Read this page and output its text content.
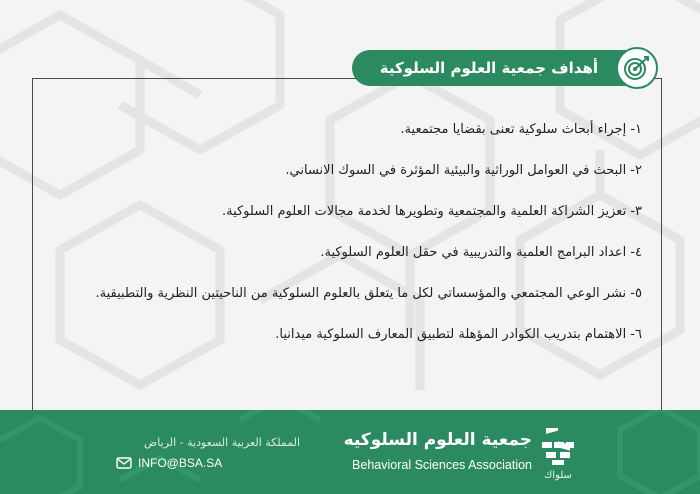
أهداف جمعية العلوم السلوكية
١- إجراء أبحاث سلوكية تعنى بقضايا مجتمعية.
٢- البحث في العوامل الوراثية والبيئية المؤثرة في السوك الانساني.
٣- تعزيز الشراكة العلمية والمجتمعية وتطويرها لخدمة مجالات العلوم السلوكية.
٤- اعداد البرامج العلمية والتدريبية في حقل العلوم السلوكية.
٥- نشر الوعي المجتمعي والمؤسساتي لكل ما يتعلق بالعلوم السلوكية من الناحيتين النظرية والتطبيقية.
٦- الاهتمام بتدريب الكوادر المؤهلة لتطبيق المعارف السلوكية ميدانيا.
سلواك
جمعية العلوم السلوكيه
Behavioral Sciences Association
المملكة العربية السعودية - الرياض
INFO@BSA.SA
